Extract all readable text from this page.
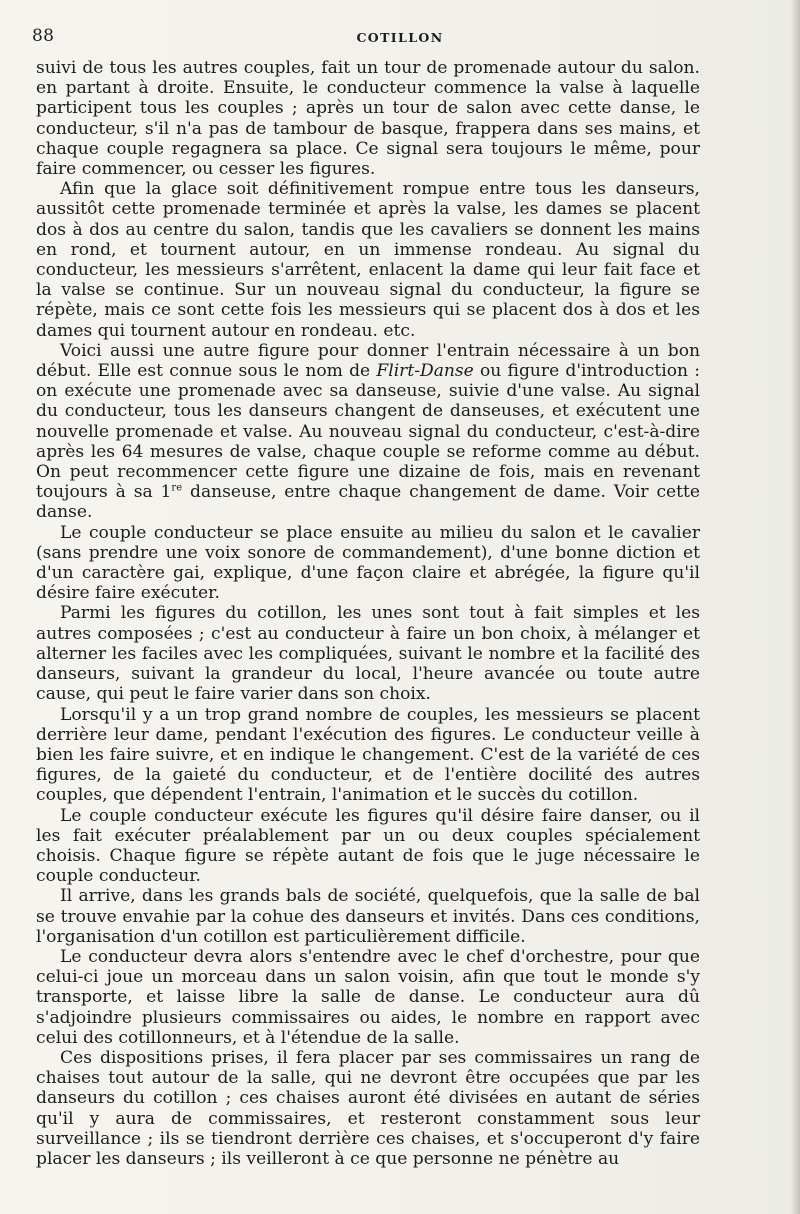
88	COTILLON

suivi de tous les autres couples, fait un tour de promenade autour du salon. en partant à droite. Ensuite, le conducteur commence la valse à laquelle participent tous les couples ; après un tour de salon avec cette danse, le conducteur, s'il n'a pas de tambour de basque, frappera dans ses mains, et chaque couple regagnera sa place. Ce signal sera toujours le même, pour faire commencer, ou cesser les figures.

Afin que la glace soit définitivement rompue entre tous les danseurs, aussitôt cette promenade terminée et après la valse, les dames se placent dos à dos au centre du salon, tandis que les cavaliers se donnent les mains en rond, et tournent autour, en un immense rondeau. Au signal du conducteur, les messieurs s'arrêtent, enlacent la dame qui leur fait face et la valse se continue. Sur un nouveau signal du conducteur, la figure se répète, mais ce sont cette fois les messieurs qui se placent dos à dos et les dames qui tournent autour en rondeau. etc.

Voici aussi une autre figure pour donner l'entrain nécessaire à un bon début. Elle est connue sous le nom de Flirt-Danse ou figure d'introduction : on exécute une promenade avec sa danseuse, suivie d'une valse. Au signal du conducteur, tous les danseurs changent de danseuses, et exécutent une nouvelle promenade et valse. Au nouveau signal du conducteur, c'est-à-dire après les 64 mesures de valse, chaque couple se reforme comme au début. On peut recommencer cette figure une dizaine de fois, mais en revenant toujours à sa 1re danseuse, entre chaque changement de dame. Voir cette danse.

Le couple conducteur se place ensuite au milieu du salon et le cavalier (sans prendre une voix sonore de commandement), d'une bonne diction et d'un caractère gai, explique, d'une façon claire et abrégée, la figure qu'il désire faire exécuter.

Parmi les figures du cotillon, les unes sont tout à fait simples et les autres composées ; c'est au conducteur à faire un bon choix, à mélanger et alterner les faciles avec les compliquées, suivant le nombre et la facilité des danseurs, suivant la grandeur du local, l'heure avancée ou toute autre cause, qui peut le faire varier dans son choix.

Lorsqu'il y a un trop grand nombre de couples, les messieurs se placent derrière leur dame, pendant l'exécution des figures. Le conducteur veille à bien les faire suivre, et en indique le changement. C'est de la variété de ces figures, de la gaieté du conducteur, et de l'entière docilité des autres couples, que dépendent l'entrain, l'animation et le succès du cotillon.

Le couple conducteur exécute les figures qu'il désire faire danser, ou il les fait exécuter préalablement par un ou deux couples spécialement choisis. Chaque figure se répète autant de fois que le juge nécessaire le couple conducteur.

Il arrive, dans les grands bals de société, quelquefois, que la salle de bal se trouve envahie par la cohue des danseurs et invités. Dans ces conditions, l'organisation d'un cotillon est particulièrement difficile.

Le conducteur devra alors s'entendre avec le chef d'orchestre, pour que celui-ci joue un morceau dans un salon voisin, afin que tout le monde s'y transporte, et laisse libre la salle de danse. Le conducteur aura dû s'adjoindre plusieurs commissaires ou aides, le nombre en rapport avec celui des cotillonneurs, et à l'étendue de la salle.

Ces dispositions prises, il fera placer par ses commissaires un rang de chaises tout autour de la salle, qui ne devront être occupées que par les danseurs du cotillon ; ces chaises auront été divisées en autant de séries qu'il y aura de commissaires, et resteront constamment sous leur surveillance ; ils se tiendront derrière ces chaises, et s'occuperont d'y faire placer les danseurs ; ils veilleront à ce que personne ne pénètre au
